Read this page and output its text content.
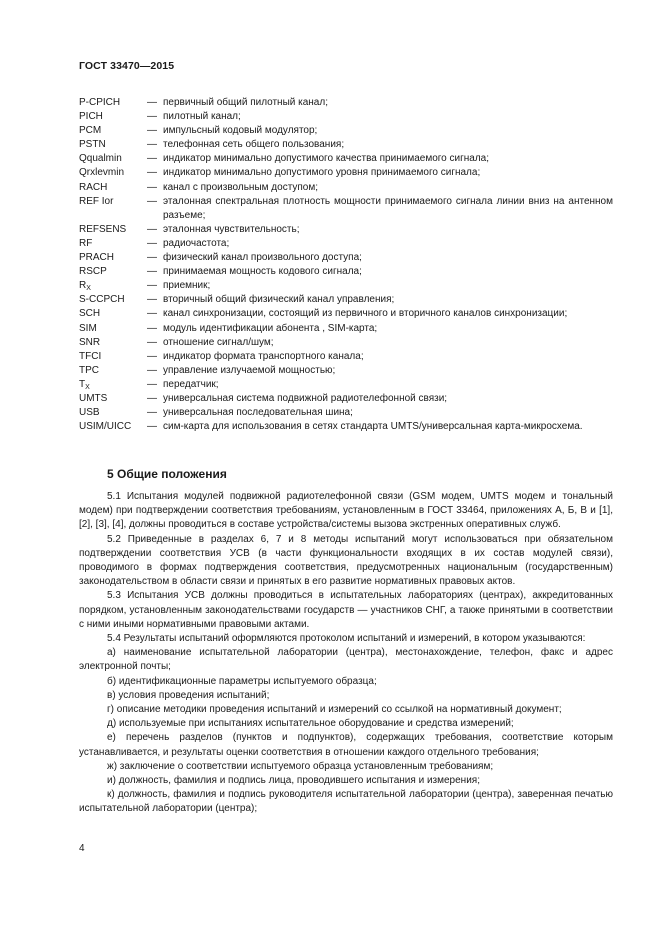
ГОСТ 33470—2015
P-CPICH	— первичный общий пилотный канал;
PICH	— пилотный канал;
PCM	— импульсный кодовый модулятор;
PSTN	— телефонная сеть общего пользования;
Qqualmin	— индикатор минимально допустимого качества принимаемого сигнала;
Qrxlevmin	— индикатор минимально допустимого уровня принимаемого сигнала;
RACH	— канал с произвольным доступом;
REF Ior	— эталонная спектральная плотность мощности принимаемого сигнала линии вниз на антенном разъеме;
REFSENS	— эталонная чувствительность;
RF	— радиочастота;
PRACH	— физический канал произвольного доступа;
RSCP	— принимаемая мощность кодового сигнала;
$R_X$	— приемник;
S-CCPCH	— вторичный общий физический канал управления;
SCH	— канал синхронизации, состоящий из первичного и вторичного каналов синхронизации;
SIM	— модуль идентификации абонента , SIM-карта;
SNR	— отношение сигнал/шум;
TFCI	— индикатор формата транспортного канала;
TPC	— управление излучаемой мощностью;
$T_X$	— передатчик;
UMTS	— универсальная система подвижной радиотелефонной связи;
USB	— универсальная последовательная шина;
USIM/UICC	— сим-карта для использования в сетях стандарта UMTS/универсальная карта-микросхема.
5 Общие положения

5.1 Испытания модулей подвижной радиотелефонной связи (GSM модем, UMTS модем и тональный модем) при подтверждении соответствия требованиям, установленным в ГОСТ 33464, приложениях А, Б, В и [1], [2], [3], [4], должны проводиться в составе устройства/системы вызова экстренных оперативных служб.

5.2 Приведенные в разделах 6, 7 и 8 методы испытаний могут использоваться при обязательном подтверждении соответствия УСВ (в части функциональности входящих в их состав модулей связи), проводимого в формах подтверждения соответствия, предусмотренных национальным (государственным) законодательством в области связи и принятых в его развитие нормативных правовых актов.

5.3 Испытания УСВ должны проводиться в испытательных лабораториях (центрах), аккредитованных порядком, установленным законодательствами государств — участников СНГ, а также принятыми в соответствии с ними иными нормативными правовыми актами.

5.4 Результаты испытаний оформляются протоколом испытаний и измерений, в котором указываются:

а) наименование испытательной лаборатории (центра), местонахождение, телефон, факс и адрес электронной почты;

б) идентификационные параметры испытуемого образца;

в) условия проведения испытаний;

г) описание методики проведения испытаний и измерений со ссылкой на нормативный документ;

д) используемые при испытаниях испытательное оборудование и средства измерений;

е) перечень разделов (пунктов и подпунктов), содержащих требования, соответствие которым устанавливается, и результаты оценки соответствия в отношении каждого отдельного требования;

ж) заключение о соответствии испытуемого образца установленным требованиям;

и) должность, фамилия и подпись лица, проводившего испытания и измерения;

к) должность, фамилия и подпись руководителя испытательной лаборатории (центра), заверенная печатью испытательной лаборатории (центра);

4
